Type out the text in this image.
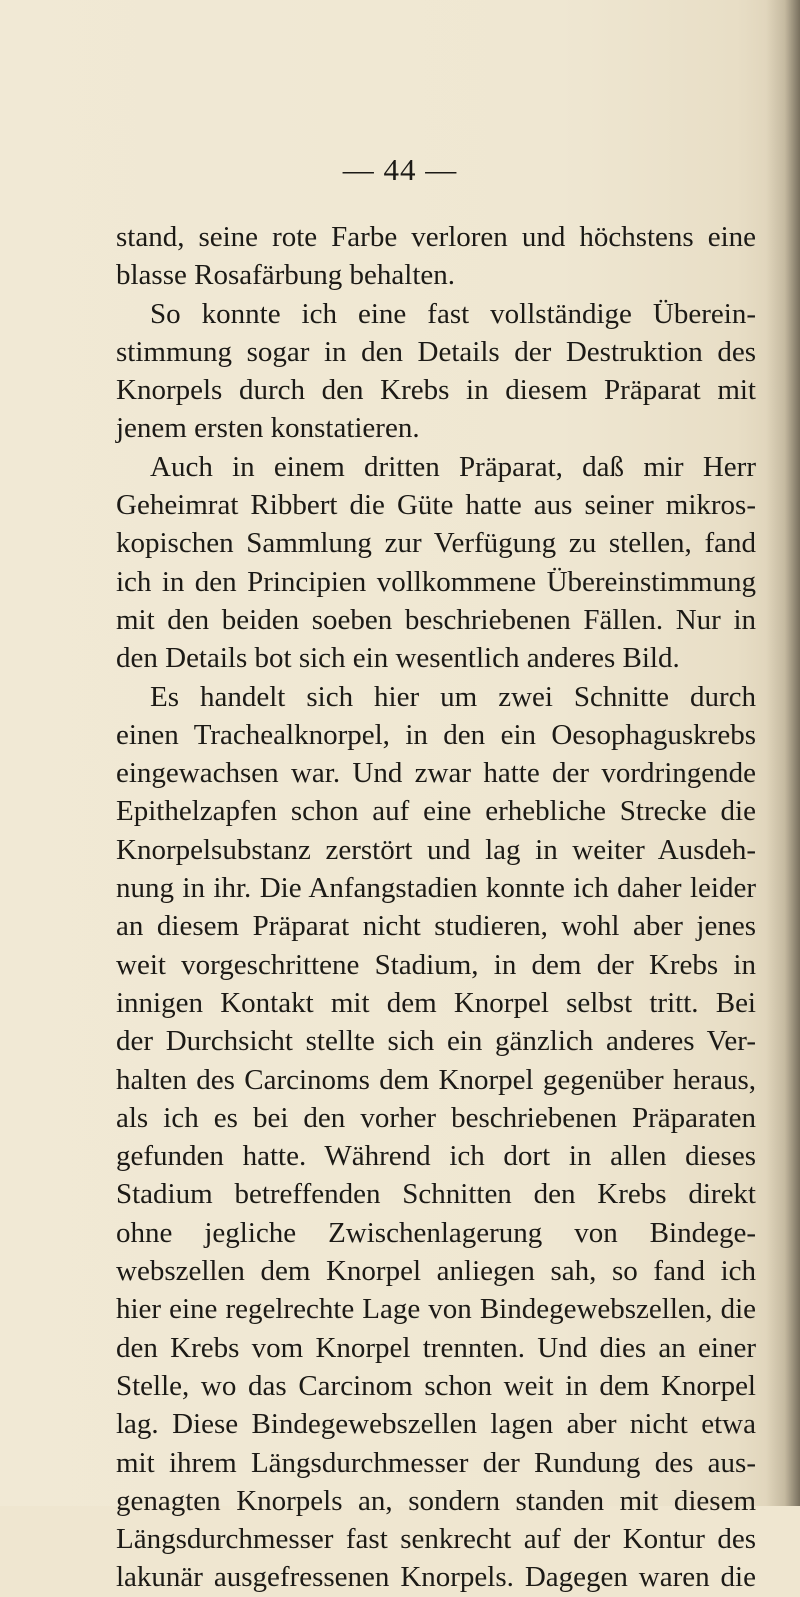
— 44 —
stand, seine rote Farbe verloren und höchstens eine
blasse Rosafärbung behalten.
So konnte ich eine fast vollständige Überein-
stimmung sogar in den Details der Destruktion des
Knorpels durch den Krebs in diesem Präparat mit
jenem ersten konstatieren.
Auch in einem dritten Präparat, daß mir Herr
Geheimrat Ribbert die Güte hatte aus seiner mikros-
kopischen Sammlung zur Verfügung zu stellen, fand
ich in den Principien vollkommene Übereinstimmung
mit den beiden soeben beschriebenen Fällen. Nur in
den Details bot sich ein wesentlich anderes Bild.
Es handelt sich hier um zwei Schnitte durch
einen Trachealknorpel, in den ein Oesophaguskrebs
eingewachsen war. Und zwar hatte der vordringende
Epithelzapfen schon auf eine erhebliche Strecke die
Knorpelsubstanz zerstört und lag in weiter Ausdeh-
nung in ihr. Die Anfangstadien konnte ich daher leider
an diesem Präparat nicht studieren, wohl aber jenes
weit vorgeschrittene Stadium, in dem der Krebs in
innigen Kontakt mit dem Knorpel selbst tritt. Bei
der Durchsicht stellte sich ein gänzlich anderes Ver-
halten des Carcinoms dem Knorpel gegenüber heraus,
als ich es bei den vorher beschriebenen Präparaten
gefunden hatte. Während ich dort in allen dieses
Stadium betreffenden Schnitten den Krebs direkt
ohne jegliche Zwischenlagerung von Bindege-
webszellen dem Knorpel anliegen sah, so fand ich
hier eine regelrechte Lage von Bindegewebszellen, die
den Krebs vom Knorpel trennten. Und dies an einer
Stelle, wo das Carcinom schon weit in dem Knorpel
lag. Diese Bindegewebszellen lagen aber nicht etwa
mit ihrem Längsdurchmesser der Rundung des aus-
genagten Knorpels an, sondern standen mit diesem
Längsdurchmesser fast senkrecht auf der Kontur des
lakunär ausgefressenen Knorpels. Dagegen waren die
